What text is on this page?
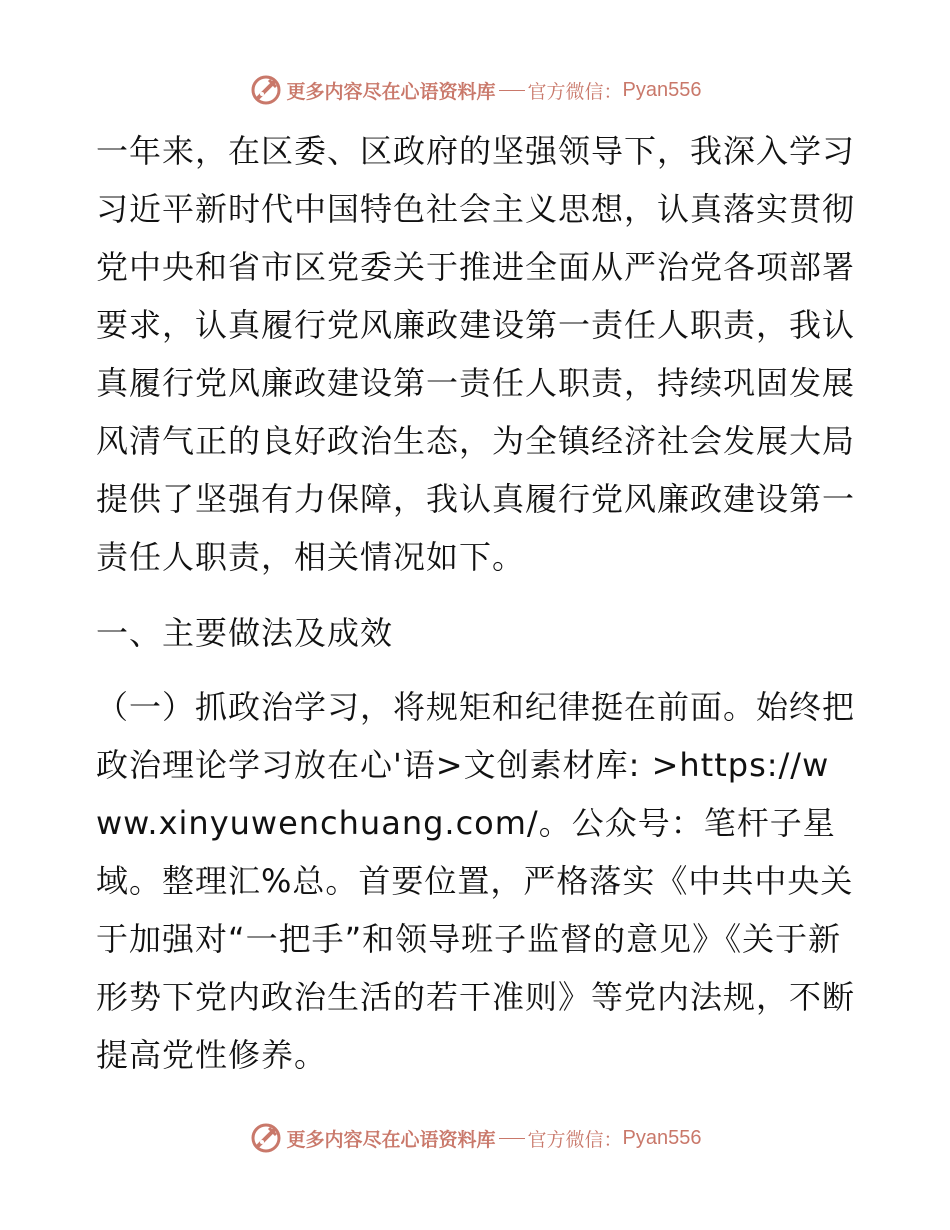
更多内容尽在心语资料库 官方微信： Pyan556

一年来，在区委、区政府的坚强领导下，我深入学习习近平新时代中国特色社会主义思想，认真落实贯彻党中央和省市区党委关于推进全面从严治党各项部署要求，认真履行党风廉政建设第一责任人职责，我认真履行党风廉政建设第一责任人职责，持续巩固发展风清气正的良好政治生态，为全镇经济社会发展大局提供了坚强有力保障，我认真履行党风廉政建设第一责任人职责，相关情况如下。

一、主要做法及成效

（一）抓政治学习，将规矩和纪律挺在前面。始终把政治理论学习放在心'语>文创素材库: >https://www.xinyuwenchuang.com/。公众号：笔杆子星域。整理汇%总。首要位置，严格落实《中共中央关于加强对“一把手”和领导班子监督的意见》《关于新形势下党内政治生活的若干准则》等党内法规，不断提高党性修养。

更多内容尽在心语资料库 官方微信： Pyan556
